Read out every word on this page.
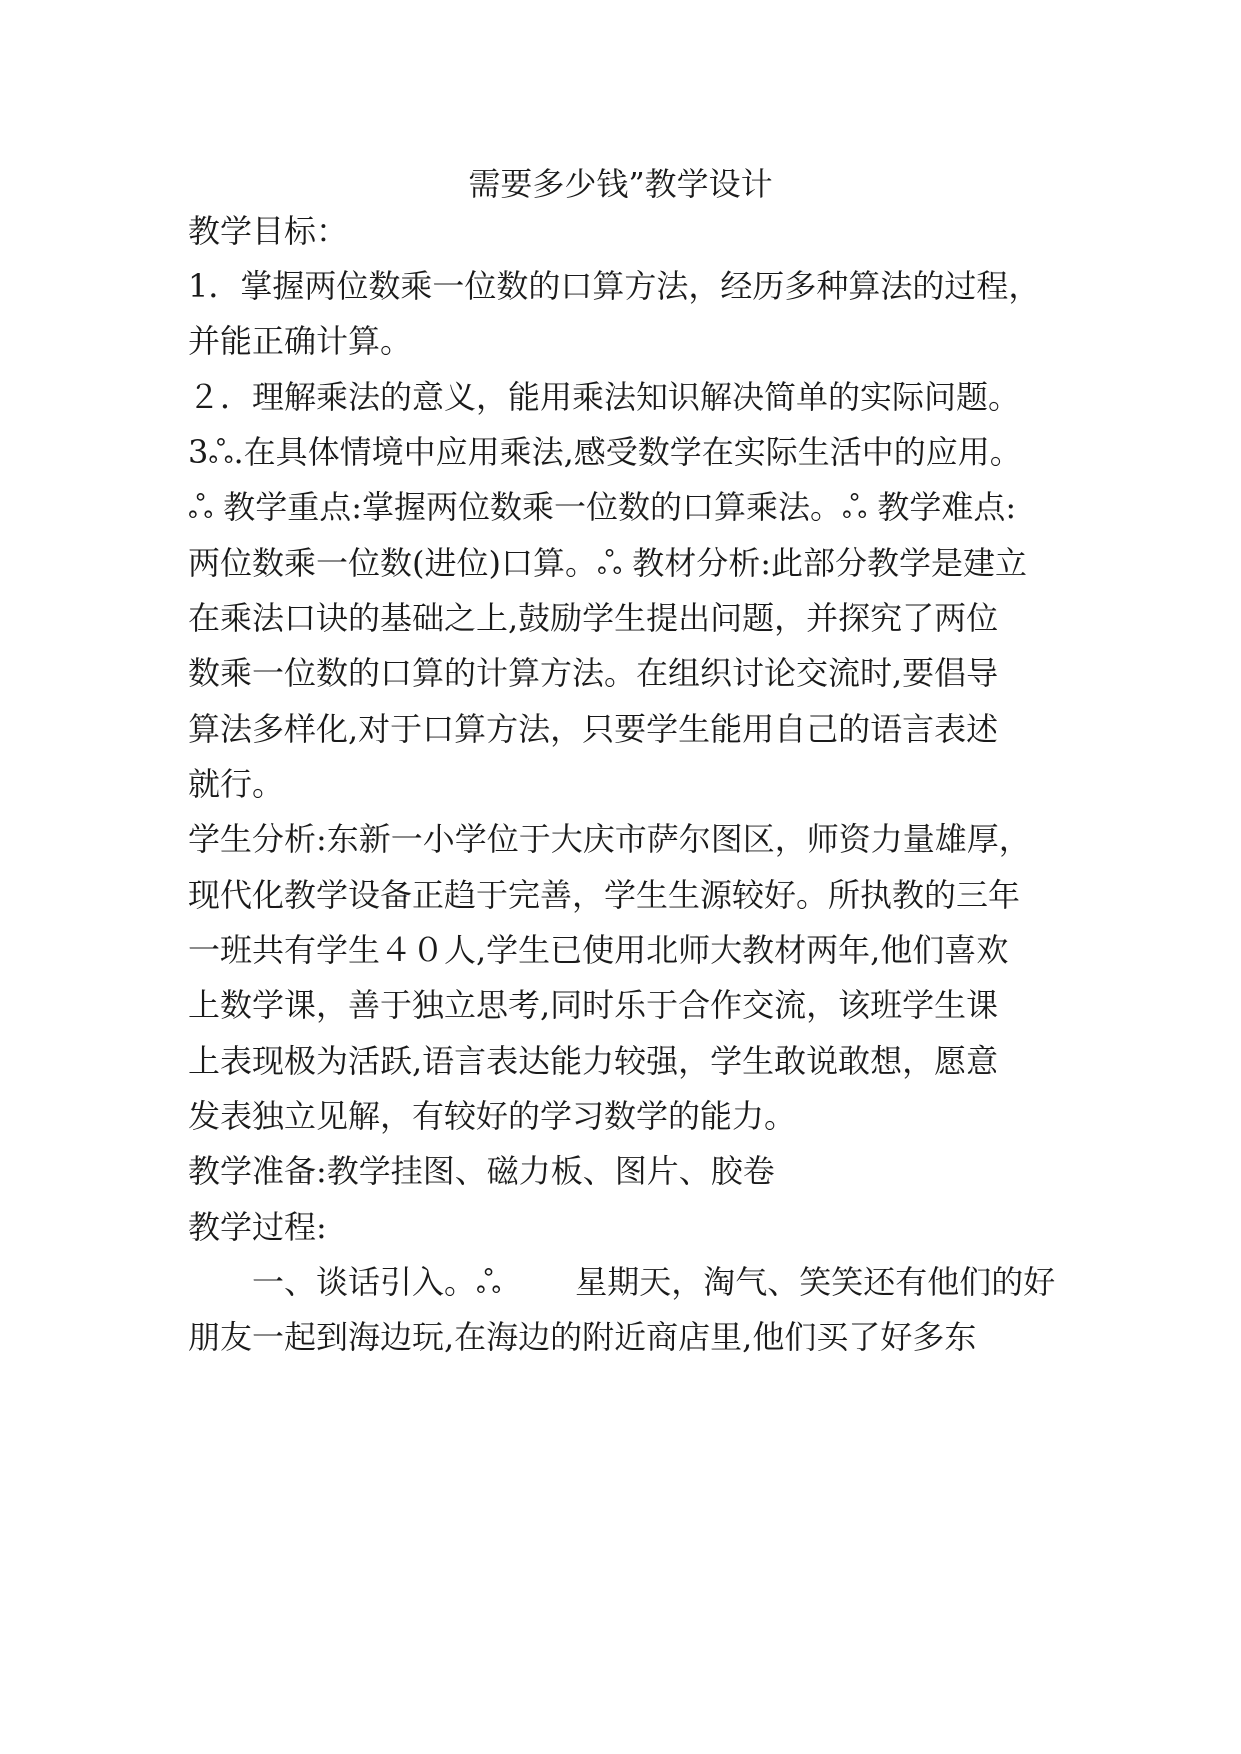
需要多少钱”教学设计
教学目标：
1．掌握两位数乘一位数的口算方法，经历多种算法的过程，
并能正确计算。
２．理解乘法的意义，能用乘法知识解决简单的实际问题。
3ஃ.在具体情境中应用乘法,感受数学在实际生活中的应用。
ஃ 教学重点:掌握两位数乘一位数的口算乘法。ஃ 教学难点:
两位数乘一位数(进位)口算。ஃ 教材分析:此部分教学是建立
在乘法口诀的基础之上,鼓励学生提出问题，并探究了两位
数乘一位数的口算的计算方法。在组织讨论交流时,要倡导
算法多样化,对于口算方法，只要学生能用自己的语言表述
就行。
学生分析:东新一小学位于大庆市萨尔图区，师资力量雄厚，
现代化教学设备正趋于完善，学生生源较好。所执教的三年
一班共有学生４０人,学生已使用北师大教材两年,他们喜欢
上数学课，善于独立思考,同时乐于合作交流，该班学生课
上表现极为活跃,语言表达能力较强，学生敢说敢想，愿意
发表独立见解，有较好的学习数学的能力。
教学准备:教学挂图、磁力板、图片、胶卷
教学过程:
　　一、谈话引入。ஃ 　　星期天，淘气、笑笑还有他们的好
朋友一起到海边玩,在海边的附近商店里,他们买了好多东
